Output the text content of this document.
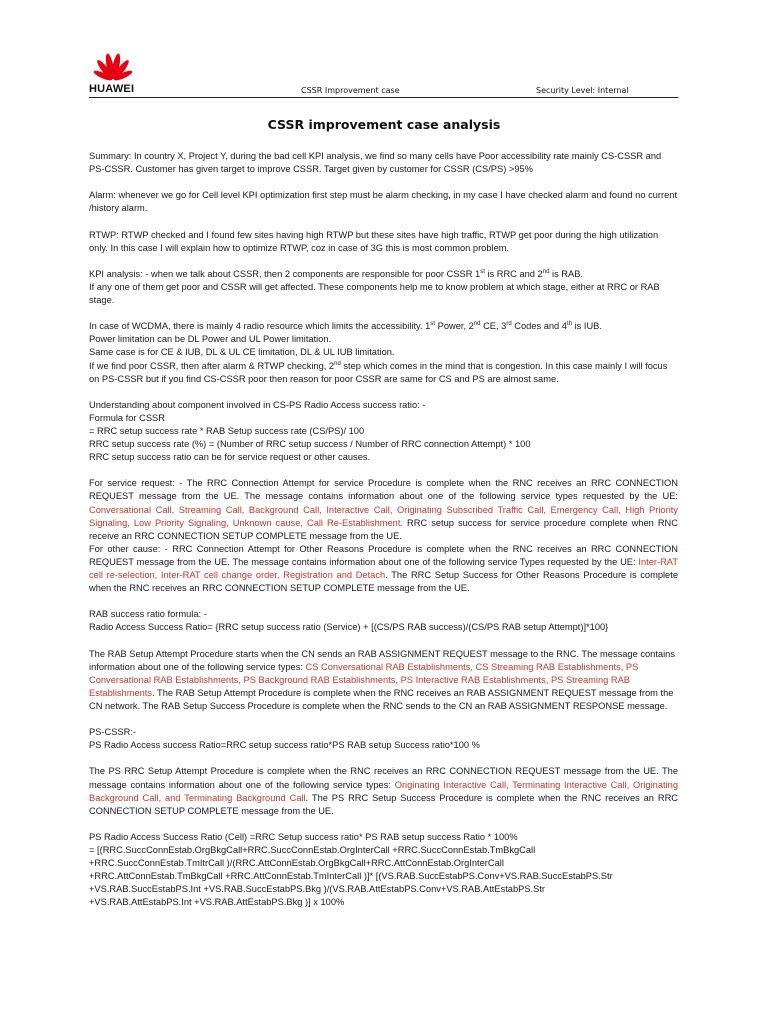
HUAWEI	CSSR Improvement case	Security Level: Internal
CSSR improvement case analysis

Summary: In country X, Project Y, during the bad cell KPI analysis, we find so many cells have Poor accessibility rate mainly CS-CSSR and PS-CSSR. Customer has given target to improve CSSR. Target given by customer for CSSR (CS/PS) >95%

Alarm: whenever we go for Cell level KPI optimization first step must be alarm checking, in my case I have checked alarm and found no current /history alarm.

RTWP: RTWP checked and I found few sites having high RTWP but these sites have high traffic, RTWP get poor during the high utilization only. In this case I will explain how to optimize RTWP, coz in case of 3G this is most common problem.

KPI analysis: - when we talk about CSSR, then 2 components are responsible for poor CSSR 1st is RRC and 2nd is RAB.
If any one of them get poor and CSSR will get affected. These components help me to know problem at which stage, either at RRC or RAB stage.

In case of WCDMA, there is mainly 4 radio resource which limits the accessibility. 1st Power, 2nd CE, 3rd Codes and 4th is IUB.
Power limitation can be DL Power and UL Power limitation.
Same case is for CE & IUB, DL & UL CE limitation, DL & UL IUB limitation.
If we find poor CSSR, then after alarm & RTWP checking, 2nd step which comes in the mind that is congestion. In this case mainly I will focus on PS-CSSR but if you find CS-CSSR poor then reason for poor CSSR are same for CS and PS are almost same.

Understanding about component involved in CS-PS Radio Access success ratio: -
Formula for CSSR
= RRC setup success rate * RAB Setup success rate (CS/PS)/ 100
RRC setup success rate (%) = (Number of RRC setup success / Number of RRC connection Attempt) * 100
RRC setup success ratio can be for service request or other causes.

For service request: - The RRC Connection Attempt for service Procedure is complete when the RNC receives an RRC CONNECTION REQUEST message from the UE. The message contains information about one of the following service types requested by the UE: Conversational Call, Streaming Call, Background Call, Interactive Call, Originating Subscribed Traffic Call, Emergency Call, High Priority Signaling, Low Priority Signaling, Unknown cause, Call Re-Establishment. RRC setup success for service procedure complete when RNC receive an RRC CONNECTION SETUP COMPLETE message from the UE.

For other cause: - RRC Connection Attempt for Other Reasons Procedure is complete when the RNC receives an RRC CONNECTION REQUEST message from the UE. The message contains information about one of the following service Types requested by the UE: Inter-RAT cell re-selection, Inter-RAT cell change order, Registration and Detach. The RRC Setup Success for Other Reasons Procedure is complete when the RNC receives an RRC CONNECTION SETUP COMPLETE message from the UE.

RAB success ratio formula: -
Radio Access Success Ratio= {RRC setup success ratio (Service) + [(CS/PS RAB success)/(CS/PS RAB setup Attempt)]*100}

The RAB Setup Attempt Procedure starts when the CN sends an RAB ASSIGNMENT REQUEST message to the RNC. The message contains information about one of the following service types: CS Conversational RAB Establishments, CS Streaming RAB Establishments, PS Conversational RAB Establishments, PS Background RAB Establishments, PS Interactive RAB Establishments, PS Streaming RAB Establishments. The RAB Setup Attempt Procedure is complete when the RNC receives an RAB ASSIGNMENT REQUEST message from the CN network. The RAB Setup Success Procedure is complete when the RNC sends to the CN an RAB ASSIGNMENT RESPONSE message.

PS-CSSR:-
PS Radio Access success Ratio=RRC setup success ratio*PS RAB setup Success ratio*100 %

The PS RRC Setup Attempt Procedure is complete when the RNC receives an RRC CONNECTION REQUEST message from the UE. The message contains information about one of the following service types: Originating Interactive Call, Terminating Interactive Call, Originating Background Call, and Terminating Background Call. The PS RRC Setup Success Procedure is complete when the RNC receives an RRC CONNECTION SETUP COMPLETE message from the UE.

PS Radio Access Success Ratio (Cell) =RRC Setup success ratio* PS RAB setup success Ratio * 100%
= [(RRC.SuccConnEstab.OrgBkgCall+RRC.SuccConnEstab.OrgInterCall +RRC.SuccConnEstab.TmBkgCall
+RRC.SuccConnEstab.TmItrCall )/(RRC.AttConnEstab.OrgBkgCall+RRC.AttConnEstab.OrgInterCall
+RRC.AttConnEstab.TmBkgCall +RRC.AttConnEstab.TmInterCall )]* [(VS.RAB.SuccEstabPS.Conv+VS.RAB.SuccEstabPS.Str
+VS.RAB.SuccEstabPS.Int +VS.RAB.SuccEstabPS.Bkg )/(VS.RAB.AttEstabPS.Conv+VS.RAB.AttEstabPS.Str
+VS.RAB.AttEstabPS.Int +VS.RAB.AttEstabPS.Bkg )] x 100%
